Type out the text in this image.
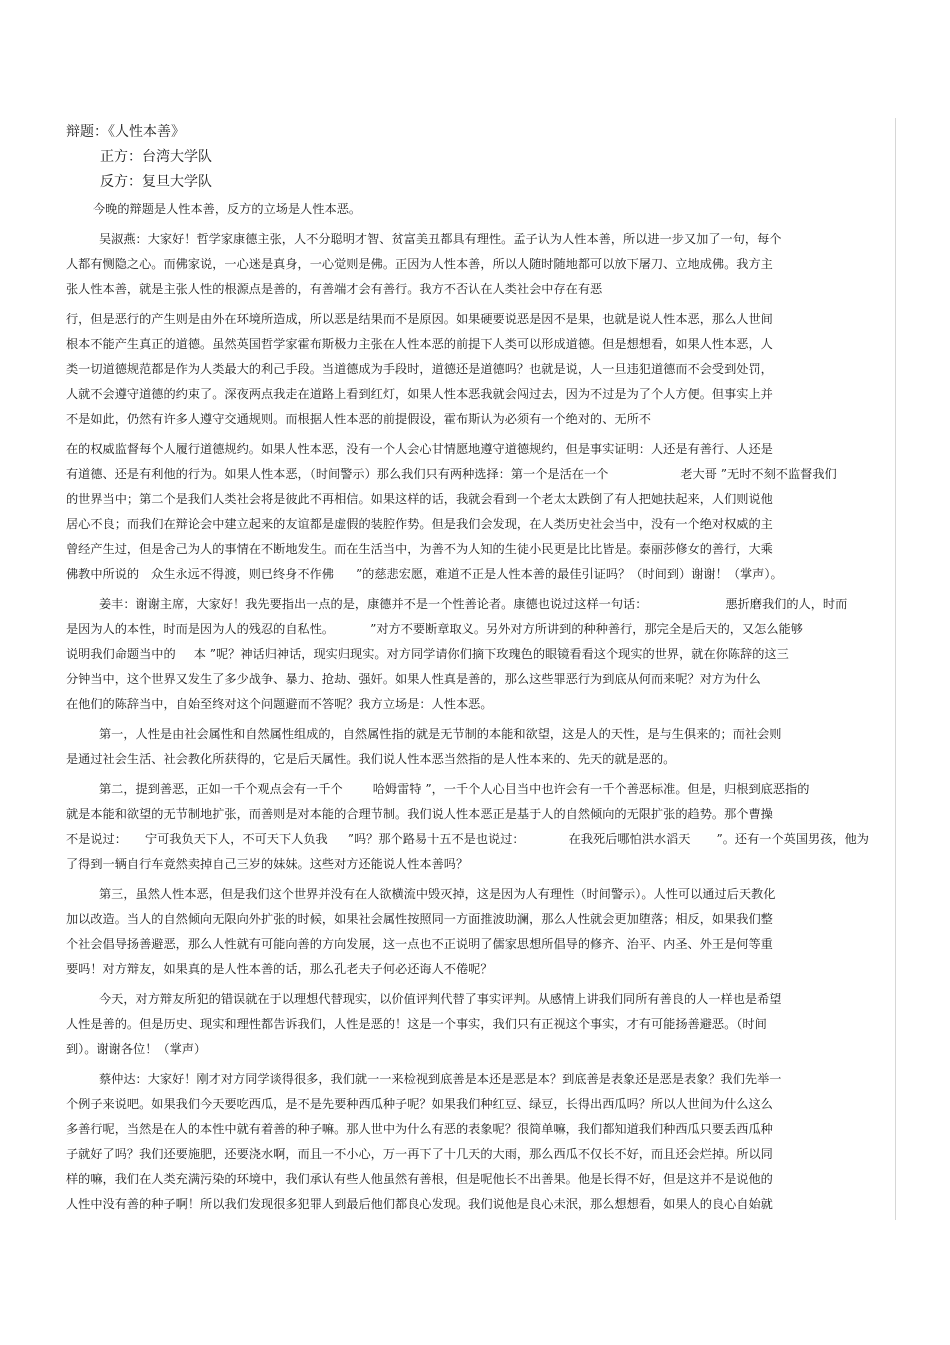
辩题：《人性本善》
正方：台湾大学队
反方：复旦大学队
今晚的辩题是人性本善，反方的立场是人性本恶。
吴淑燕：大家好！哲学家康德主张，人不分聪明才智、贫富美丑都具有理性。孟子认为人性本善，所以进一步又加了一句，每个
人都有恻隐之心。而佛家说，一心迷是真身，一心觉则是佛。正因为人性本善，所以人随时随地都可以放下屠刀、立地成佛。我方主
张人性本善，就是主张人性的根源点是善的，有善端才会有善行。我方不否认在人类社会中存在有恶
行，但是恶行的产生则是由外在环境所造成，所以恶是结果而不是原因。如果硬要说恶是因不是果，也就是说人性本恶，那么人世间
根本不能产生真正的道德。虽然英国哲学家霍布斯极力主张在人性本恶的前提下人类可以形成道德。但是想想看，如果人性本恶，人
类一切道德规范都是作为人类最大的利己手段。当道德成为手段时，道德还是道德吗？也就是说，人一旦违犯道德而不会受到处罚，
人就不会遵守道德的约束了。深夜两点我走在道路上看到红灯，如果人性本恶我就会闯过去，因为不过是为了个人方便。但事实上并
不是如此，仍然有许多人遵守交通规则。而根据人性本恶的前提假设，霍布斯认为必须有一个绝对的、无所不
在的权威监督每个人履行道德规约。如果人性本恶，没有一个人会心甘情愿地遵守道德规约，但是事实证明：人还是有善行、人还是
有道德、还是有利他的行为。如果人性本恶，（时间警示）那么我们只有两种选择：第一个是活在一个	老大哥 ”无时不刻不监督我们
的世界当中；第二个是我们人类社会将是彼此不再相信。如果这样的话，我就会看到一个老太太跌倒了有人把她扶起来，人们则说他
居心不良；而我们在辩论会中建立起来的友谊都是虚假的装腔作势。但是我们会发现，在人类历史社会当中，没有一个绝对权威的主
曾经产生过，但是舍己为人的事情在不断地发生。而在生活当中，为善不为人知的生徒小民更是比比皆是。泰丽莎修女的善行，大乘
佛教中所说的 众生永远不得渡，则已终身不作佛 ”的慈悲宏愿，难道不正是人性本善的最佳引证吗？（时间到）谢谢！（掌声）。
姜丰：谢谢主席，大家好！我先要指出一点的是，康德并不是一个性善论者。康德也说过这样一句话：	悪折磨我们的人，时而
是因为人的本性，时而是因为人的残忍的自私性。	”对方不要断章取义。另外对方所讲到的种种善行，那完全是后天的，又怎么能够
说明我们命题当中的 本 ”呢？神话归神话，现实归现实。对方同学请你们摘下玫瑰色的眼镜看看这个现实的世界，就在你陈辞的这三
分钟当中，这个世界又发生了多少战争、暴力、抢劫、强奸。如果人性真是善的，那么这些罪恶行为到底从何而来呢？对方为什么
在他们的陈辞当中，自始至终对这个问题避而不答呢？我方立场是：人性本恶。
第一，人性是由社会属性和自然属性组成的，自然属性指的就是无节制的本能和欲望，这是人的天性，是与生俱来的；而社会则
是通过社会生活、社会教化所获得的，它是后天属性。我们说人性本恶当然指的是人性本来的、先天的就是恶的。
第二，提到善恶，正如一千个观点会有一千个 哈姆雷特 ”，一千个人心目当中也许会有一千个善恶标准。但是，归根到底恶指的
就是本能和欲望的无节制地扩张，而善则是对本能的合理节制。我们说人性本恶正是基于人的自然倾向的无限扩张的趋势。那个曹操
不是说过： 宁可我负天下人，不可天下人负我 ”吗？那个路易十五不是也说过：	在我死后哪怕洪水滔天 ”。还有一个英国男孩，他为
了得到一辆自行车竟然卖掉自己三岁的妹妹。这些对方还能说人性本善吗？
第三，虽然人性本恶，但是我们这个世界并没有在人欲横流中毁灭掉，这是因为人有理性（时间警示）。人性可以通过后天教化
加以改造。当人的自然倾向无限向外扩张的时候，如果社会属性按照同一方面推波助澜，那么人性就会更加堕落；相反，如果我们整
个社会倡导扬善避恶，那么人性就有可能向善的方向发展，这一点也不正说明了儒家思想所倡导的修齐、治平、内圣、外王是何等重
要吗！对方辩友，如果真的是人性本善的话，那么孔老夫子何必还诲人不倦呢？
今天，对方辩友所犯的错误就在于以理想代替现实，以价值评判代替了事实评判。从感情上讲我们同所有善良的人一样也是希望
人性是善的。但是历史、现实和理性都告诉我们，人性是恶的！这是一个事实，我们只有正视这个事实，才有可能扬善避恶。（时间
到）。谢谢各位！（掌声）
蔡仲达：大家好！刚才对方同学谈得很多，我们就一一来检视到底善是本还是恶是本？到底善是表象还是恶是表象？我们先举一
个例子来说吧。如果我们今天要吃西瓜，是不是先要种西瓜种子呢？如果我们种红豆、绿豆，长得出西瓜吗？所以人世间为什么这么
多善行呢，当然是在人的本性中就有着善的种子嘛。那人世中为什么有恶的表象呢？很简单嘛，我们都知道我们种西瓜只要丢西瓜种
子就好了吗？我们还要施肥，还要浇水啊，而且一不小心，万一再下了十几天的大雨，那么西瓜不仅长不好，而且还会烂掉。所以同
样的嘛，我们在人类充满污染的环境中，我们承认有些人他虽然有善根，但是呢他长不出善果。他是长得不好，但是这并不是说他的
人性中没有善的种子啊！所以我们发现很多犯罪人到最后他们都良心发现。我们说他是良心未泯，那么想想看，如果人的良心自始就
